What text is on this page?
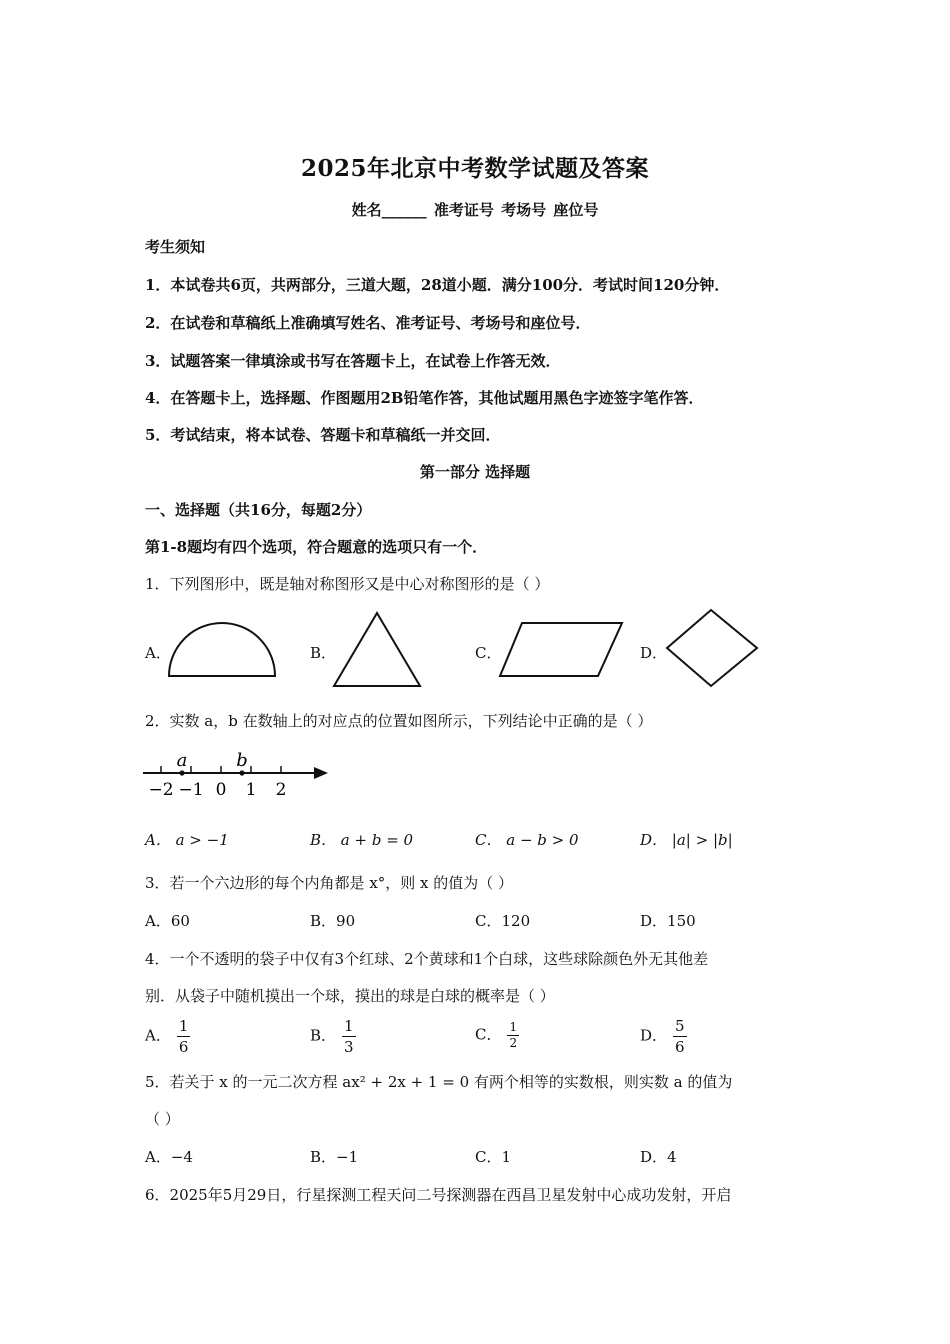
2025年北京中考数学试题及答案
姓名______ 准考证号 考场号 座位号
考生须知
1．本试卷共6页，共两部分，三道大题，28道小题．满分100分．考试时间120分钟．
2．在试卷和草稿纸上准确填写姓名、准考证号、考场号和座位号．
3．试题答案一律填涂或书写在答题卡上，在试卷上作答无效．
4．在答题卡上，选择题、作图题用2B铅笔作答，其他试题用黑色字迹签字笔作答．
5．考试结束，将本试卷、答题卡和草稿纸一并交回．
第一部分 选择题
一、选择题（共16分，每题2分）
第1-8题均有四个选项，符合题意的选项只有一个．
1．下列图形中，既是轴对称图形又是中心对称图形的是（ ）
A．	B．	C．	D．
2．实数 a，b 在数轴上的对应点的位置如图所示，下列结论中正确的是（ ）
−2 −1 0 1 2
a	b
A． a > −1	B． a + b = 0	C． a − b > 0	D． |a| > |b|
3．若一个六边形的每个内角都是 x°，则 x 的值为（ ）
A．60	B．90	C．120	D．150
4．一个不透明的袋子中仅有3个红球、2个黄球和1个白球，这些球除颜色外无其他差
别．从袋子中随机摸出一个球，摸出的球是白球的概率是（ ）
A． $\frac{1}{6}$	B． $\frac{1}{3}$	C． $\frac{1}{2}$	D． $\frac{5}{6}$
5．若关于 x 的一元二次方程 ax² + 2x + 1 = 0 有两个相等的实数根，则实数 a 的值为
（ ）
A．−4	B．−1	C．1	D．4
6．2025年5月29日，行星探测工程天问二号探测器在西昌卫星发射中心成功发射，开启
